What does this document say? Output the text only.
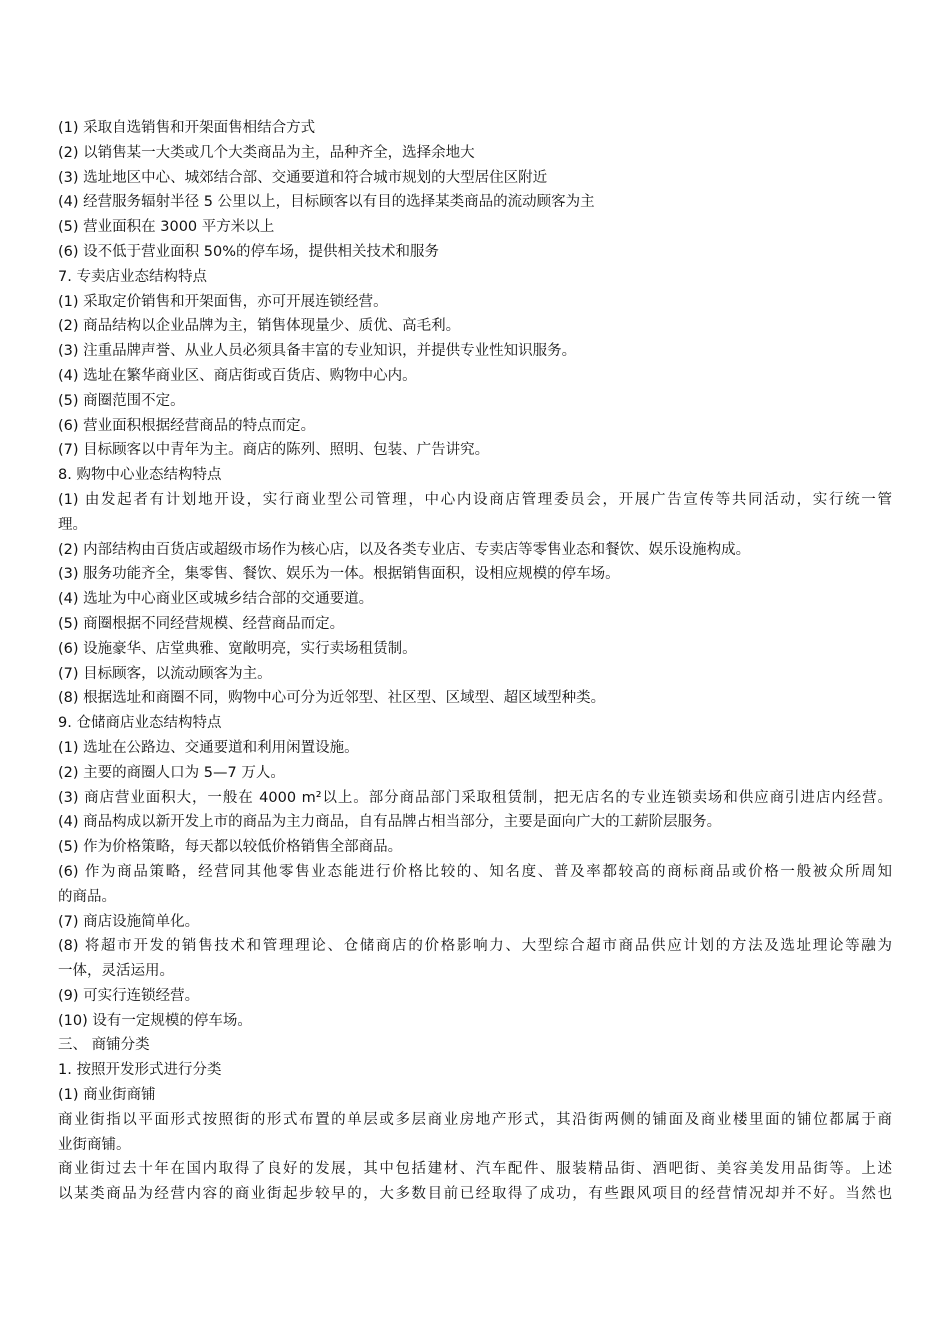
(1) 采取自选销售和开架面售相结合方式
(2) 以销售某一大类或几个大类商品为主，品种齐全，选择余地大
(3) 选址地区中心、城郊结合部、交通要道和符合城市规划的大型居住区附近
(4) 经营服务辐射半径 5 公里以上，目标顾客以有目的选择某类商品的流动顾客为主
(5) 营业面积在 3000 平方米以上
(6) 设不低于营业面积 50%的停车场，提供相关技术和服务
7. 专卖店业态结构特点
(1) 采取定价销售和开架面售，亦可开展连锁经营。
(2) 商品结构以企业品牌为主，销售体现量少、质优、高毛利。
(3) 注重品牌声誉、从业人员必须具备丰富的专业知识，并提供专业性知识服务。
(4) 选址在繁华商业区、商店街或百货店、购物中心内。
(5) 商圈范围不定。
(6) 营业面积根据经营商品的特点而定。
(7) 目标顾客以中青年为主。商店的陈列、照明、包装、广告讲究。
8. 购物中心业态结构特点
(1) 由发起者有计划地开设，实行商业型公司管理，中心内设商店管理委员会，开展广告宣传等共同活动，实行统一管
理。
(2) 内部结构由百货店或超级市场作为核心店，以及各类专业店、专卖店等零售业态和餐饮、娱乐设施构成。
(3) 服务功能齐全，集零售、餐饮、娱乐为一体。根据销售面积，设相应规模的停车场。
(4) 选址为中心商业区或城乡结合部的交通要道。
(5) 商圈根据不同经营规模、经营商品而定。
(6) 设施豪华、店堂典雅、宽敞明亮，实行卖场租赁制。
(7) 目标顾客，以流动顾客为主。
(8) 根据选址和商圈不同，购物中心可分为近邻型、社区型、区域型、超区域型种类。
9. 仓储商店业态结构特点
(1) 选址在公路边、交通要道和利用闲置设施。
(2) 主要的商圈人口为 5—7 万人。
(3) 商店营业面积大，一般在 4000 m²以上。部分商品部门采取租赁制，把无店名的专业连锁卖场和供应商引进店内经营。
(4) 商品构成以新开发上市的商品为主力商品，自有品牌占相当部分，主要是面向广大的工薪阶层服务。
(5) 作为价格策略，每天都以较低价格销售全部商品。
(6) 作为商品策略，经营同其他零售业态能进行价格比较的、知名度、普及率都较高的商标商品或价格一般被众所周知
的商品。
(7) 商店设施简单化。
(8) 将超市开发的销售技术和管理理论、仓储商店的价格影响力、大型综合超市商品供应计划的方法及选址理论等融为
一体，灵活运用。
(9) 可实行连锁经营。
(10) 设有一定规模的停车场。
三、 商铺分类
1. 按照开发形式进行分类
(1) 商业街商铺
商业街指以平面形式按照街的形式布置的单层或多层商业房地产形式，其沿街两侧的铺面及商业楼里面的铺位都属于商
业街商铺。
商业街过去十年在国内取得了良好的发展，其中包括建材、汽车配件、服装精品街、酒吧街、美容美发用品街等。上述
以某类商品为经营内容的商业街起步较早的，大多数目前已经取得了成功，有些跟风项目的经营情况却并不好。当然也
